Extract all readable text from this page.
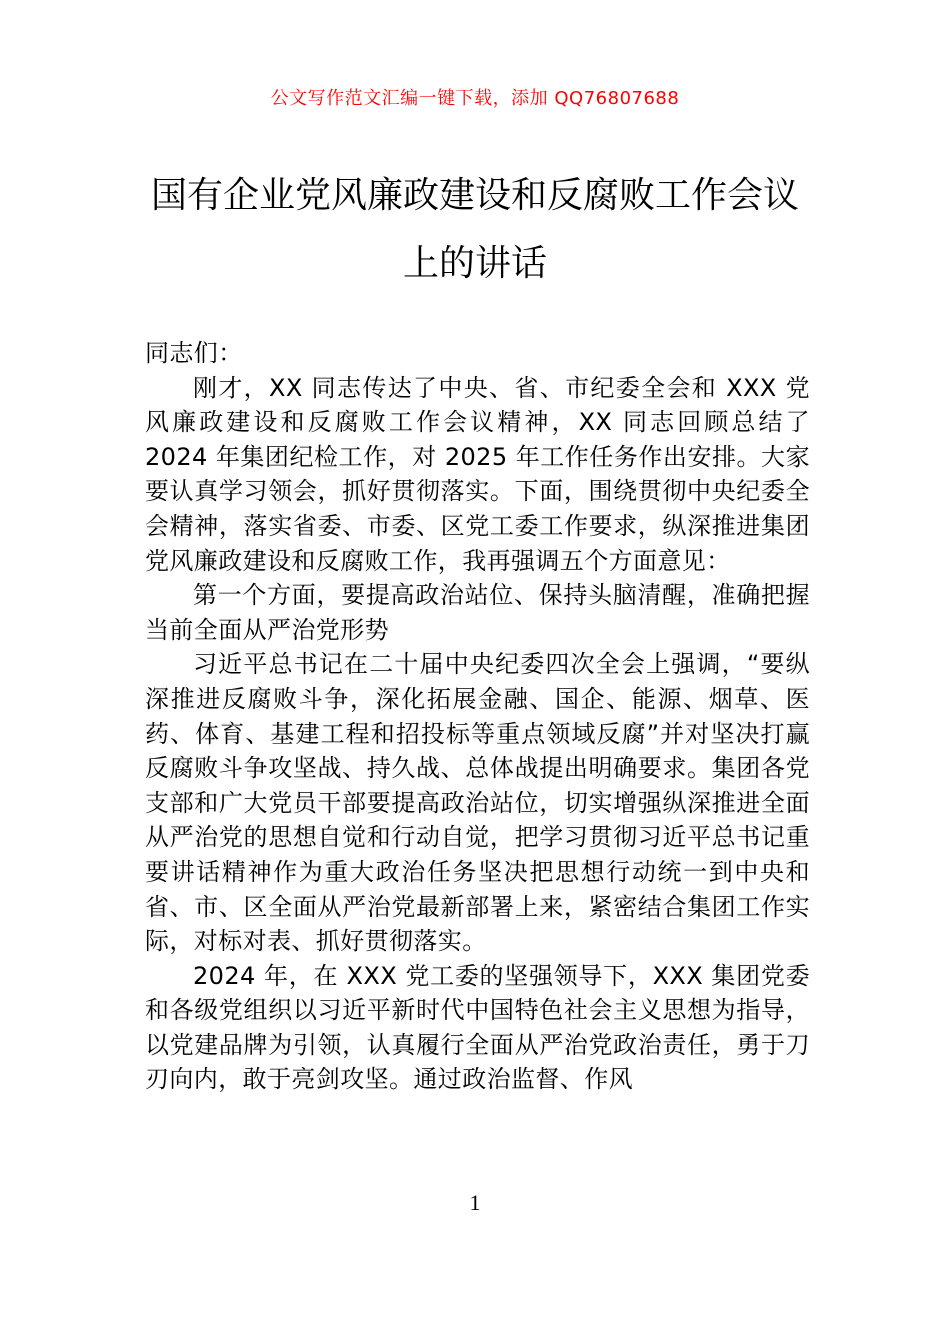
公文写作范文汇编一键下载，添加 QQ76807688
国有企业党风廉政建设和反腐败工作会议
上的讲话

同志们：

刚才，XX 同志传达了中央、省、市纪委全会和 XXX 党风廉政建设和反腐败工作会议精神，XX 同志回顾总结了 2024 年集团纪检工作，对 2025 年工作任务作出安排。大家要认真学习领会，抓好贯彻落实。下面，围绕贯彻中央纪委全会精神，落实省委、市委、区党工委工作要求，纵深推进集团党风廉政建设和反腐败工作，我再强调五个方面意见：

第一个方面，要提高政治站位、保持头脑清醒，准确把握当前全面从严治党形势

习近平总书记在二十届中央纪委四次全会上强调，“要纵深推进反腐败斗争，深化拓展金融、国企、能源、烟草、医药、体育、基建工程和招投标等重点领域反腐”并对坚决打赢反腐败斗争攻坚战、持久战、总体战提出明确要求。集团各党支部和广大党员干部要提高政治站位，切实增强纵深推进全面从严治党的思想自觉和行动自觉，把学习贯彻习近平总书记重要讲话精神作为重大政治任务坚决把思想行动统一到中央和省、市、区全面从严治党最新部署上来，紧密结合集团工作实际，对标对表、抓好贯彻落实。

2024 年，在 XXX 党工委的坚强领导下，XXX 集团党委和各级党组织以习近平新时代中国特色社会主义思想为指导，以党建品牌为引领，认真履行全面从严治党政治责任，勇于刀刃向内，敢于亮剑攻坚。通过政治监督、作风

1
